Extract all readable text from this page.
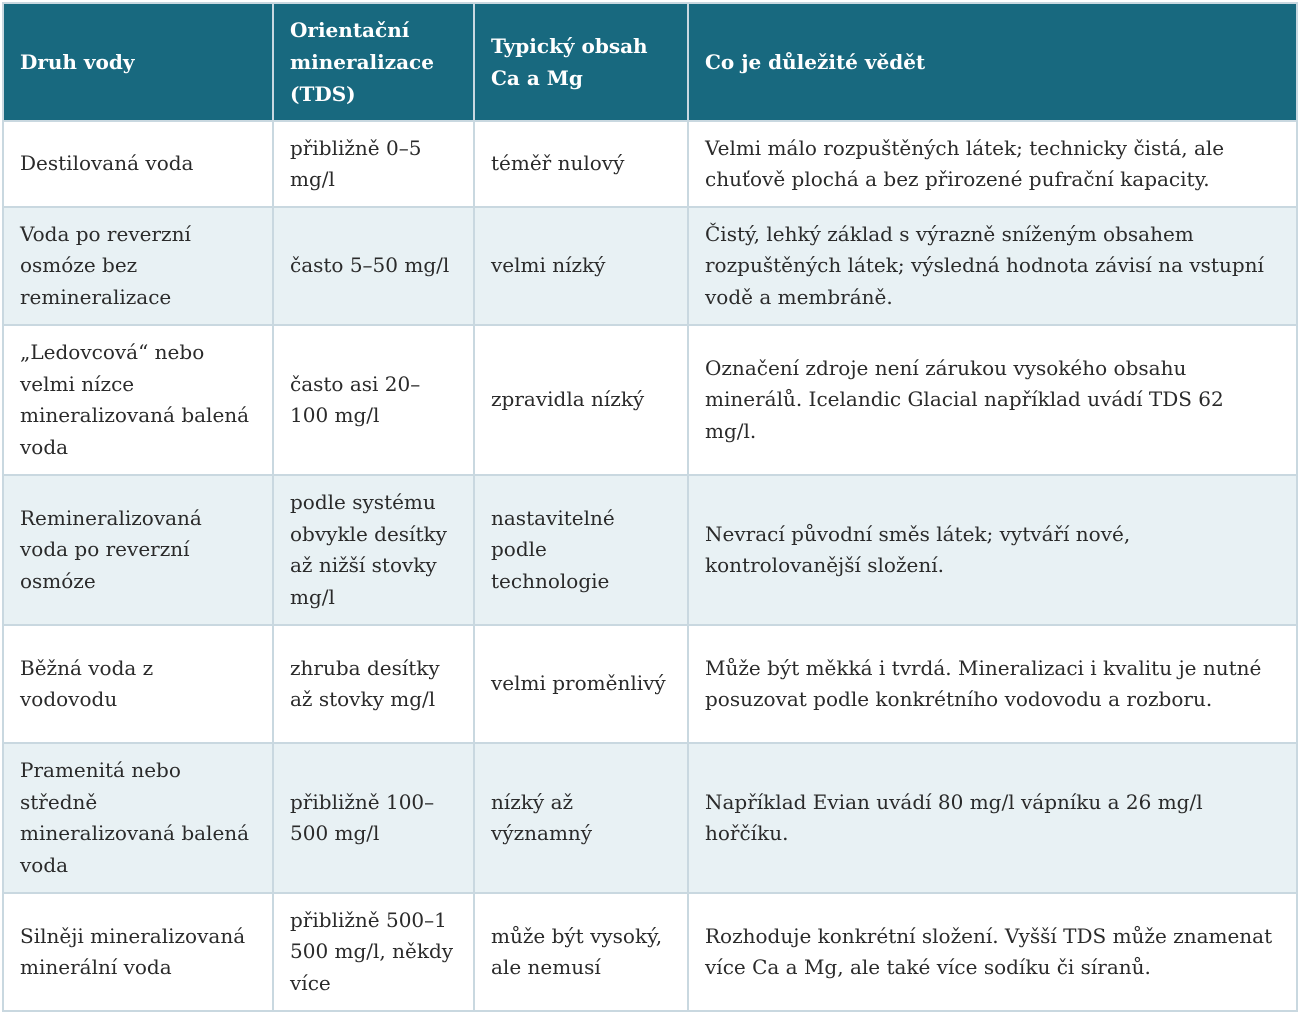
Druh vody	Orientační mineralizace (TDS)	Typický obsah Ca a Mg	Co je důležité vědět

Destilovaná voda	přibližně 0–5 mg/l	téměř nulový	Velmi málo rozpuštěných látek; technicky čistá, ale chuťově plochá a bez přirozené pufrační kapacity.
Voda po reverzní osmóze bez remineralizace	často 5–50 mg/l	velmi nízký	Čistý, lehký základ s výrazně sníženým obsahem rozpuštěných látek; výsledná hodnota závisí na vstupní vodě a membráně.
„Ledovcová“ nebo velmi nízce mineralizovaná balená voda	často asi 20–100 mg/l	zpravidla nízký	Označení zdroje není zárukou vysokého obsahu minerálů. Icelandic Glacial například uvádí TDS 62 mg/l.
Remineralizovaná voda po reverzní osmóze	podle systému obvykle desítky až nižší stovky mg/l	nastavitelné podle technologie	Nevrací původní směs látek; vytváří nové, kontrolovanější složení.
Běžná voda z vodovodu	zhruba desítky až stovky mg/l	velmi proměnlivý	Může být měkká i tvrdá. Mineralizaci i kvalitu je nutné posuzovat podle konkrétního vodovodu a rozboru.
Pramenitá nebo středně mineralizovaná balená voda	přibližně 100–500 mg/l	nízký až významný	Například Evian uvádí 80 mg/l vápníku a 26 mg/l hořčíku.
Silněji mineralizovaná minerální voda	přibližně 500–1 500 mg/l, někdy více	může být vysoký, ale nemusí	Rozhoduje konkrétní složení. Vyšší TDS může znamenat více Ca a Mg, ale také více sodíku či síranů.
